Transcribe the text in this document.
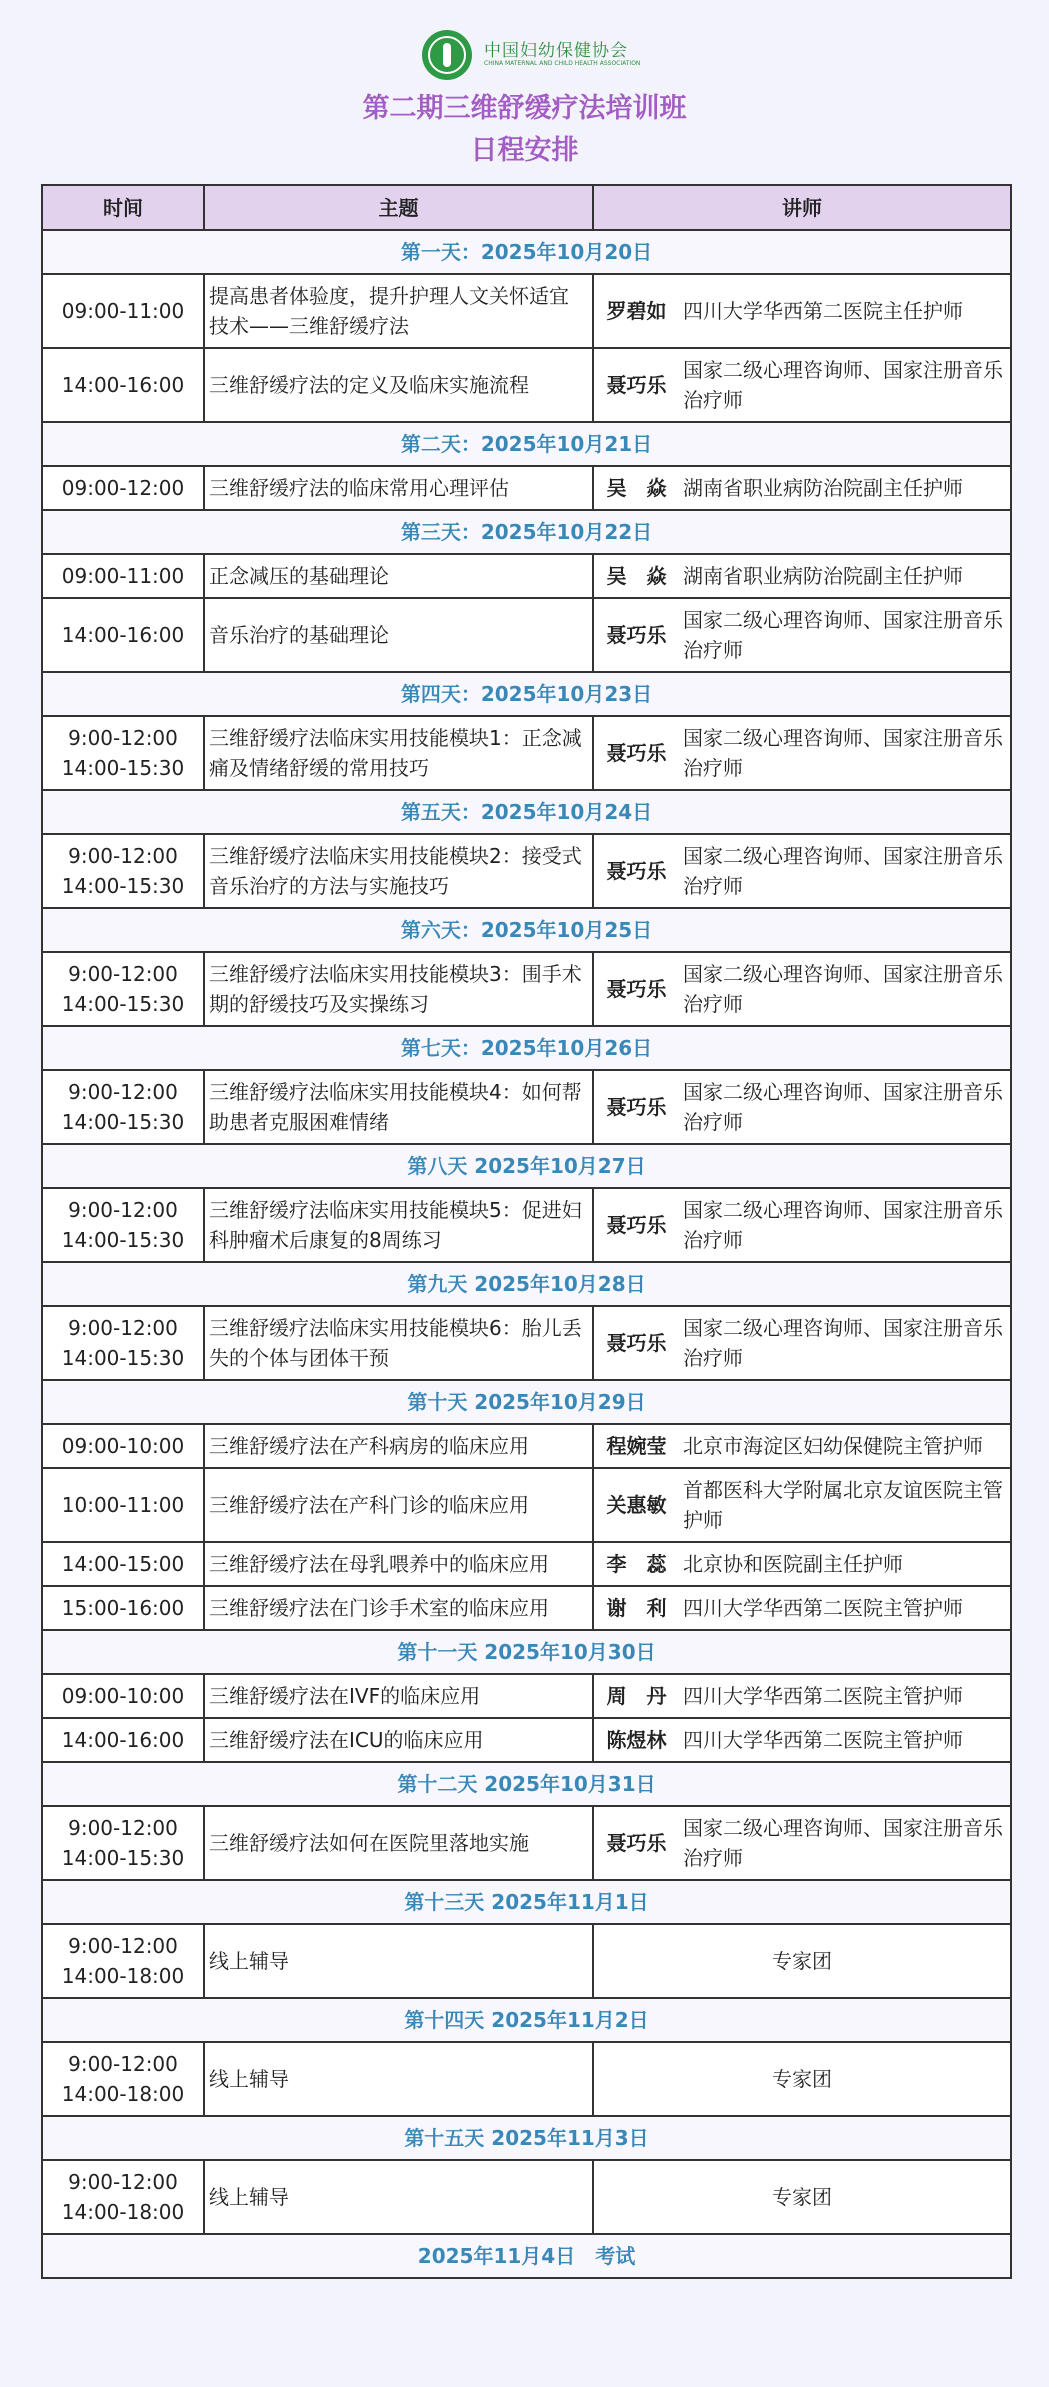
中国妇幼保健协会
CHINA MATERNAL AND CHILD HEALTH ASSOCIATION
第二期三维舒缓疗法培训班
日程安排
时间	主题	讲师	
第一天：2025年10月20日			

09:00-11:00	提高患者体验度，提升护理人文关怀适宜技术——三维舒缓疗法	罗碧如	四川大学华西第二医院主任护师

14:00-16:00	三维舒缓疗法的定义及临床实施流程	聂巧乐	国家二级心理咨询师、国家注册音乐治疗师
第二天：2025年10月21日			

09:00-12:00	三维舒缓疗法的临床常用心理评估	吴　焱	湖南省职业病防治院副主任护师
第三天：2025年10月22日			

09:00-11:00	正念减压的基础理论	吴　焱	湖南省职业病防治院副主任护师

14:00-16:00	音乐治疗的基础理论	聂巧乐	国家二级心理咨询师、国家注册音乐治疗师
第四天：2025年10月23日			

9:00-12:00
14:00-15:30	三维舒缓疗法临床实用技能模块1：正念减痛及情绪舒缓的常用技巧	聂巧乐	国家二级心理咨询师、国家注册音乐治疗师
第五天：2025年10月24日			

9:00-12:00
14:00-15:30	三维舒缓疗法临床实用技能模块2：接受式音乐治疗的方法与实施技巧	聂巧乐	国家二级心理咨询师、国家注册音乐治疗师
第六天：2025年10月25日			

9:00-12:00
14:00-15:30	三维舒缓疗法临床实用技能模块3：围手术期的舒缓技巧及实操练习	聂巧乐	国家二级心理咨询师、国家注册音乐治疗师
第七天：2025年10月26日			

9:00-12:00
14:00-15:30	三维舒缓疗法临床实用技能模块4：如何帮助患者克服困难情绪	聂巧乐	国家二级心理咨询师、国家注册音乐治疗师
第八天 2025年10月27日			

9:00-12:00
14:00-15:30	三维舒缓疗法临床实用技能模块5：促进妇科肿瘤术后康复的8周练习	聂巧乐	国家二级心理咨询师、国家注册音乐治疗师
第九天 2025年10月28日			

9:00-12:00
14:00-15:30	三维舒缓疗法临床实用技能模块6：胎儿丢失的个体与团体干预	聂巧乐	国家二级心理咨询师、国家注册音乐治疗师
第十天 2025年10月29日			

09:00-10:00	三维舒缓疗法在产科病房的临床应用	程婉莹	北京市海淀区妇幼保健院主管护师

10:00-11:00	三维舒缓疗法在产科门诊的临床应用	关惠敏	首都医科大学附属北京友谊医院主管护师

14:00-15:00	三维舒缓疗法在母乳喂养中的临床应用	李　蕊	北京协和医院副主任护师

15:00-16:00	三维舒缓疗法在门诊手术室的临床应用	谢　利	四川大学华西第二医院主管护师
第十一天 2025年10月30日			

09:00-10:00	三维舒缓疗法在IVF的临床应用	周　丹	四川大学华西第二医院主管护师

14:00-16:00	三维舒缓疗法在ICU的临床应用	陈煜林	四川大学华西第二医院主管护师
第十二天 2025年10月31日			

9:00-12:00
14:00-15:30	三维舒缓疗法如何在医院里落地实施	聂巧乐	国家二级心理咨询师、国家注册音乐治疗师
第十三天 2025年11月1日			

9:00-12:00
14:00-18:00	线上辅导	专家团	
第十四天 2025年11月2日			

9:00-12:00
14:00-18:00	线上辅导	专家团	
第十五天 2025年11月3日			

9:00-12:00
14:00-18:00	线上辅导	专家团	
2025年11月4日　考试			
